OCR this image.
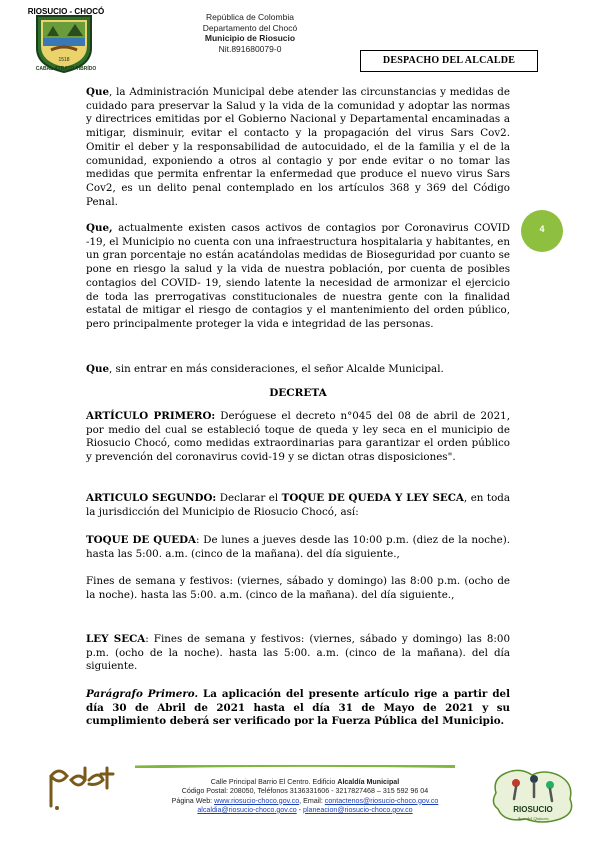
RIOSUCIO - CHOCÓ
1518
CABAL ATRATO TIBRÍDO
República de Colombia
Departamento del Chocó
Municipio de Riosucio
Nit.891680079-0
DESPACHO DEL ALCALDE
4

Que, la Administración Municipal debe atender las circunstancias y medidas de cuidado para preservar la Salud y la vida de la comunidad y adoptar las normas y directrices emitidas por el Gobierno Nacional y Departamental encaminadas a mitigar, disminuir, evitar el contacto y la propagación del virus Sars Cov2. Omitir el deber y la responsabilidad de autocuidado, el de la familia y el de la comunidad, exponiendo a otros al contagio y por ende evitar o no tomar las medidas que permita enfrentar la enfermedad que produce el nuevo virus Sars Cov2, es un delito penal contemplado en los artículos 368 y 369 del Código Penal.

Que, actualmente existen casos activos de contagios por Coronavirus COVID -19, el Municipio no cuenta con una infraestructura hospitalaria y habitantes, en un gran porcentaje no están acatándolas medidas de Bioseguridad por cuanto se pone en riesgo la salud y la vida de nuestra población, por cuenta de posibles contagios del COVID- 19, siendo latente la necesidad de armonizar el ejercicio de toda las prerrogativas constitucionales de nuestra gente con la finalidad estatal de mitigar el riesgo de contagios y el mantenimiento del orden público, pero principalmente proteger la vida e integridad de las personas.

Que, sin entrar en más consideraciones, el señor Alcalde Municipal.

DECRETA

ARTÍCULO PRIMERO: Deróguese el decreto n°045 del 08 de abril de 2021, por medio del cual se estableció toque de queda y ley seca en el municipio de Riosucio Chocó, como medidas extraordinarias para garantizar el orden público y prevención del coronavirus covid-19 y se dictan otras disposiciones".

ARTICULO SEGUNDO: Declarar el TOQUE DE QUEDA Y LEY SECA, en toda la jurisdicción del Municipio de Riosucio Chocó, así:

TOQUE DE QUEDA: De lunes a jueves desde las 10:00 p.m. (diez de la noche). hasta las 5:00. a.m. (cinco de la mañana). del día siguiente.,

Fines de semana y festivos: (viernes, sábado y domingo) las 8:00 p.m. (ocho de la noche). hasta las 5:00. a.m. (cinco de la mañana). del día siguiente.,

LEY SECA: Fines de semana y festivos: (viernes, sábado y domingo) las 8:00 p.m. (ocho de la noche). hasta las 5:00. a.m. (cinco de la mañana). del día siguiente.

Parágrafo Primero. La aplicación del presente artículo rige a partir del día 30 de Abril de 2021 hasta el día 31 de Mayo de 2021 y su cumplimiento deberá ser verificado por la Fuerza Pública del Municipio.

Calle Principal Barrio El Centro. Edificio Alcaldía Municipal
Código Postal: 208050, Teléfonos 3136331606 - 3217827468 – 315 592 96 04
Página Web: www.riosucio-choco.gov.co, Email: contactenos@riosucio-choco.gov.co
alcaldia@riosucio-choco.gov.co - planeacion@riosucio-choco.gov.co	RIOSUCIO
Ayer del Quinara
